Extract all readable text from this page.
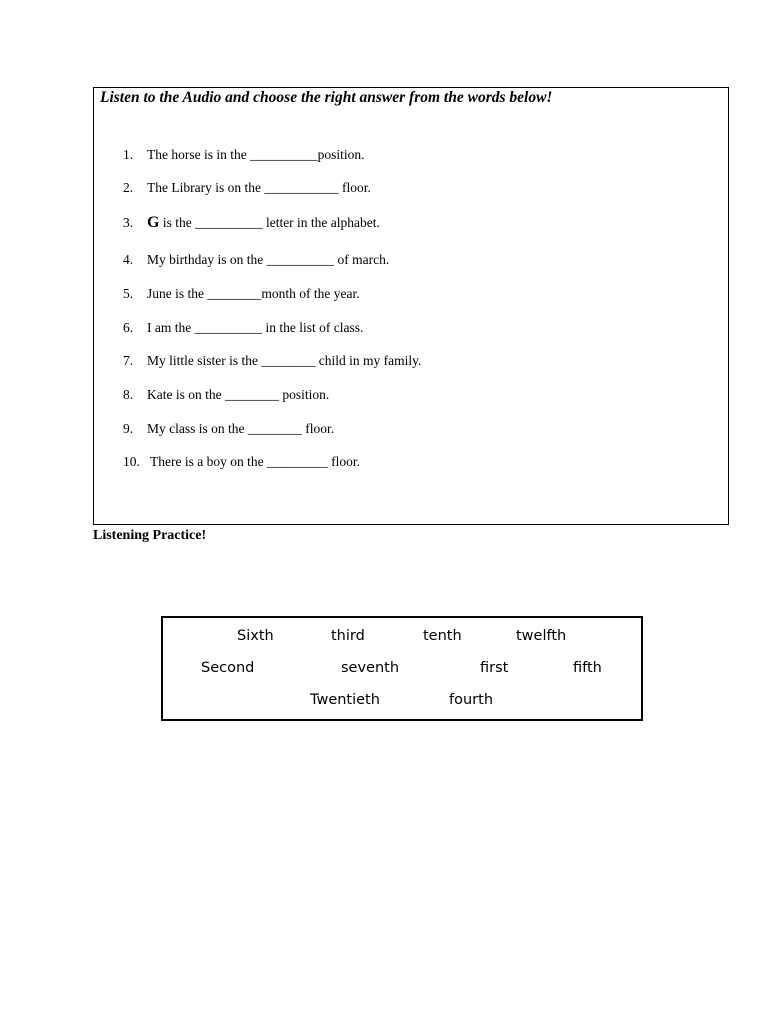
Listen to the Audio and choose the right answer from the words below!
1.	The horse is in the __________position.
2.	The Library is on the ___________ floor.
3. G is the __________ letter in the alphabet.
4.	My birthday is on the __________ of march.
5.	June is the ________month of the year.
6.	I am the __________ in the list of class.
7.	My little sister is the ________ child in my family.
8.	Kate is on the ________ position.
9.	My class is on the ________ floor.
10. There is a boy on the _________ floor.
Listening Practice!
Sixth	third	tenth	twelfth
Second	seventh	first	fifth
Twentieth	fourth
